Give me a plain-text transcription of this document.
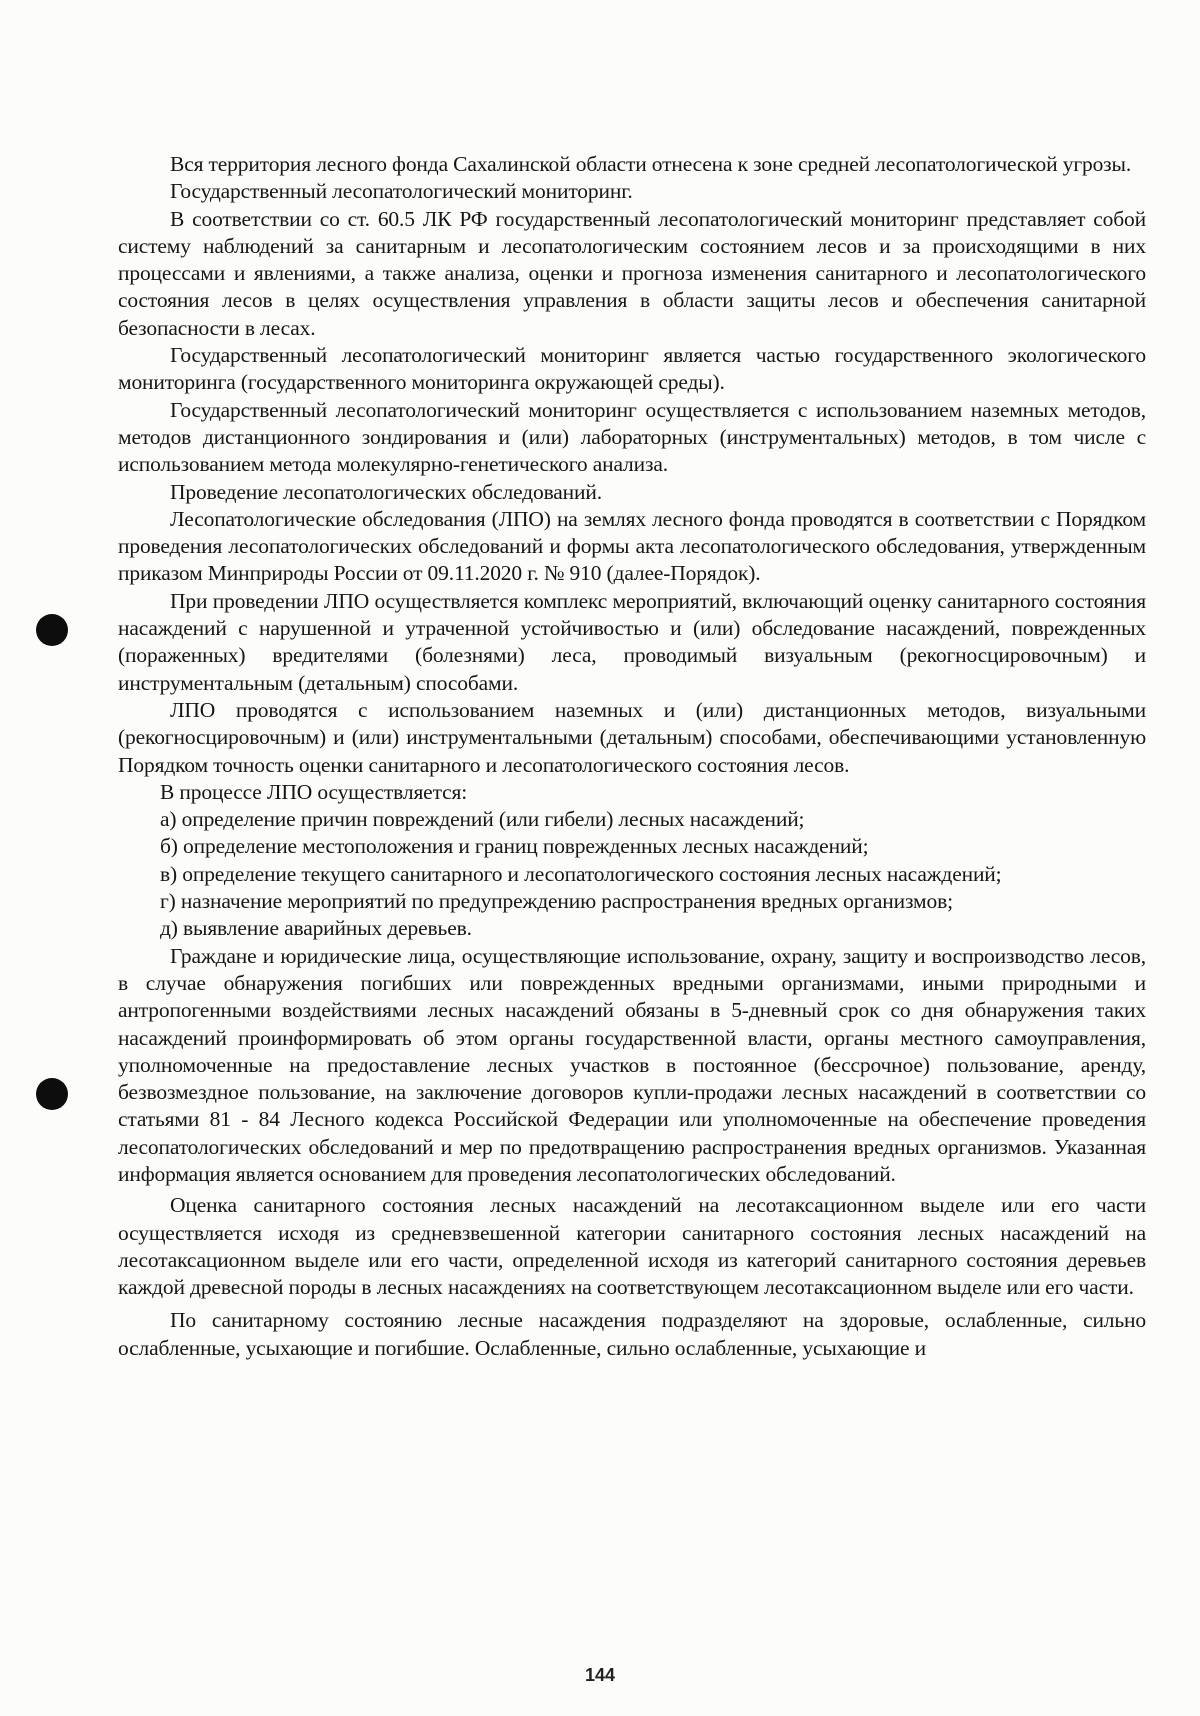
Вся территория лесного фонда Сахалинской области отнесена к зоне средней лесопатологической угрозы.

Государственный лесопатологический мониторинг.

В соответствии со ст. 60.5 ЛК РФ государственный лесопатологический мониторинг представляет собой систему наблюдений за санитарным и лесопатологическим состоянием лесов и за происходящими в них процессами и явлениями, а также анализа, оценки и прогноза изменения санитарного и лесопатологического состояния лесов в целях осуществления управления в области защиты лесов и обеспечения санитарной безопасности в лесах.

Государственный лесопатологический мониторинг является частью государственного экологического мониторинга (государственного мониторинга окружающей среды).

Государственный лесопатологический мониторинг осуществляется с использованием наземных методов, методов дистанционного зондирования и (или) лабораторных (инструментальных) методов, в том числе с использованием метода молекулярно-генетического анализа.

Проведение лесопатологических обследований.

Лесопатологические обследования (ЛПО) на землях лесного фонда проводятся в соответствии с Порядком проведения лесопатологических обследований и формы акта лесопатологического обследования, утвержденным приказом Минприроды России от 09.11.2020 г. № 910 (далее-Порядок).

При проведении ЛПО осуществляется комплекс мероприятий, включающий оценку санитарного состояния насаждений с нарушенной и утраченной устойчивостью и (или) обследование насаждений, поврежденных (пораженных) вредителями (болезнями) леса, проводимый визуальным (рекогносцировочным) и инструментальным (детальным) способами.

ЛПО проводятся с использованием наземных и (или) дистанционных методов, визуальными (рекогносцировочным) и (или) инструментальными (детальным) способами, обеспечивающими установленную Порядком точность оценки санитарного и лесопатологического состояния лесов.

В процессе ЛПО осуществляется:

а) определение причин повреждений (или гибели) лесных насаждений;

б) определение местоположения и границ поврежденных лесных насаждений;

в) определение текущего санитарного и лесопатологического состояния лесных насаждений;

г) назначение мероприятий по предупреждению распространения вредных организмов;

д) выявление аварийных деревьев.

Граждане и юридические лица, осуществляющие использование, охрану, защиту и воспроизводство лесов, в случае обнаружения погибших или поврежденных вредными организмами, иными природными и антропогенными воздействиями лесных насаждений обязаны в 5-дневный срок со дня обнаружения таких насаждений проинформировать об этом органы государственной власти, органы местного самоуправления, уполномоченные на предоставление лесных участков в постоянное (бессрочное) пользование, аренду, безвозмездное пользование, на заключение договоров купли-продажи лесных насаждений в соответствии со статьями 81 - 84 Лесного кодекса Российской Федерации или уполномоченные на обеспечение проведения лесопатологических обследований и мер по предотвращению распространения вредных организмов. Указанная информация является основанием для проведения лесопатологических обследований.

Оценка санитарного состояния лесных насаждений на лесотаксационном выделе или его части осуществляется исходя из средневзвешенной категории санитарного состояния лесных насаждений на лесотаксационном выделе или его части, определенной исходя из категорий санитарного состояния деревьев каждой древесной породы в лесных насаждениях на соответствующем лесотаксационном выделе или его части.

По санитарному состоянию лесные насаждения подразделяют на здоровые, ослабленные, сильно ослабленные, усыхающие и погибшие. Ослабленные, сильно ослабленные, усыхающие и

144
